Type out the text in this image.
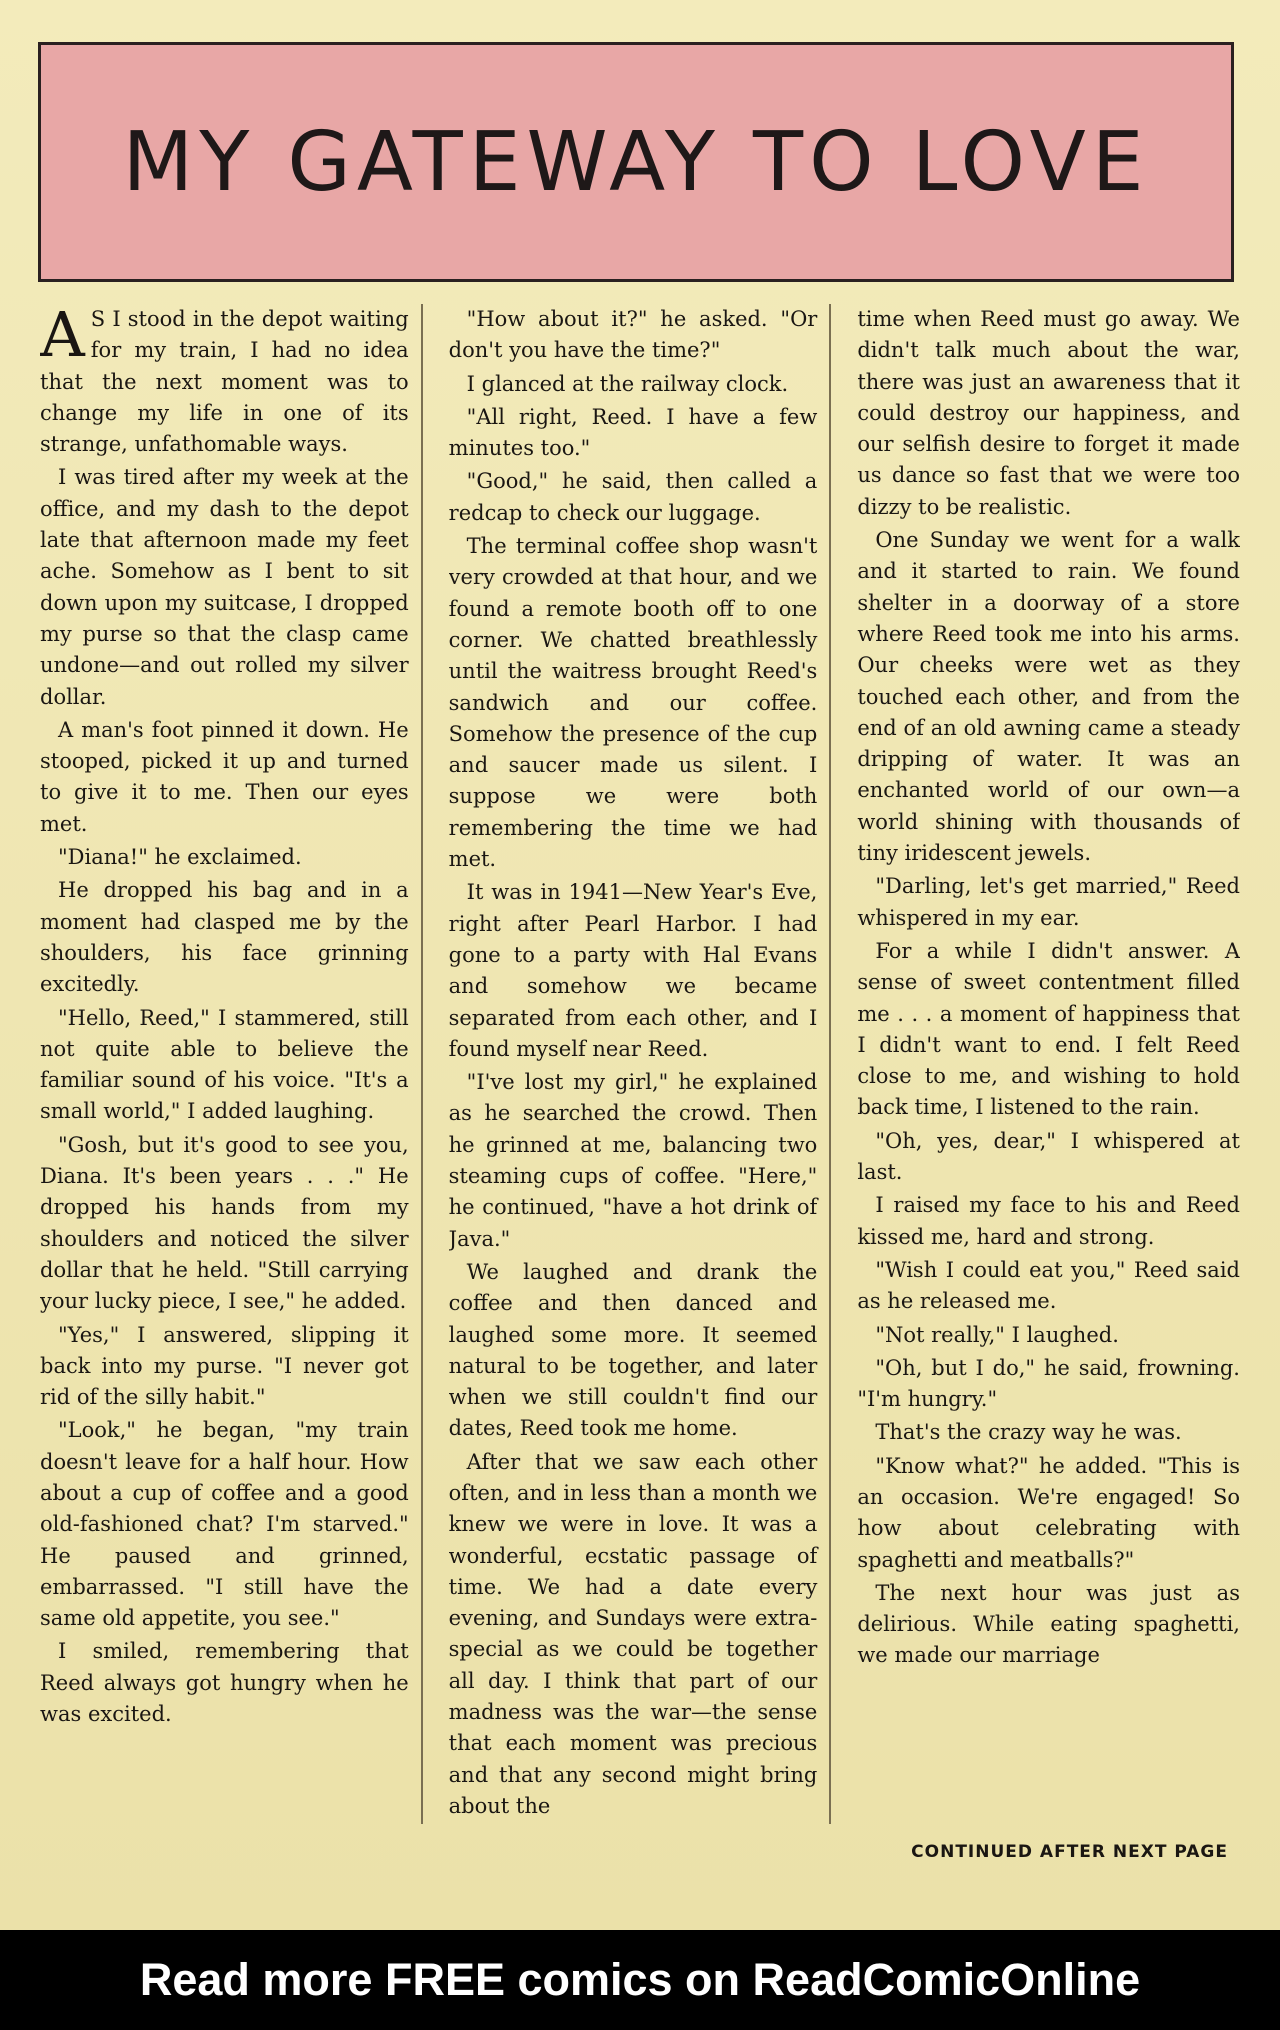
MY GATEWAY TO LOVE

A S I stood in the depot waiting for my train, I had no idea that the next moment was to change my life in one of its strange, unfathomable ways.

I was tired after my week at the office, and my dash to the depot late that afternoon made my feet ache. Somehow as I bent to sit down upon my suitcase, I dropped my purse so that the clasp came undone—and out rolled my silver dollar.

A man's foot pinned it down. He stooped, picked it up and turned to give it to me. Then our eyes met.

"Diana!" he exclaimed.

He dropped his bag and in a moment had clasped me by the shoulders, his face grinning excitedly.

"Hello, Reed," I stammered, still not quite able to believe the familiar sound of his voice. "It's a small world," I added laughing.

"Gosh, but it's good to see you, Diana. It's been years . . ." He dropped his hands from my shoulders and noticed the silver dollar that he held. "Still carrying your lucky piece, I see," he added.

"Yes," I answered, slipping it back into my purse. "I never got rid of the silly habit."

"Look," he began, "my train doesn't leave for a half hour. How about a cup of coffee and a good old-fashioned chat? I'm starved." He paused and grinned, embarrassed. "I still have the same old appetite, you see."

I smiled, remembering that Reed always got hungry when he was excited.

"How about it?" he asked. "Or don't you have the time?"

I glanced at the railway clock.

"All right, Reed. I have a few minutes too."

"Good," he said, then called a redcap to check our luggage.

The terminal coffee shop wasn't very crowded at that hour, and we found a remote booth off to one corner. We chatted breathlessly until the waitress brought Reed's sandwich and our coffee. Somehow the presence of the cup and saucer made us silent. I suppose we were both remembering the time we had met.

It was in 1941—New Year's Eve, right after Pearl Harbor. I had gone to a party with Hal Evans and somehow we became separated from each other, and I found myself near Reed.

"I've lost my girl," he explained as he searched the crowd. Then he grinned at me, balancing two steaming cups of coffee. "Here," he continued, "have a hot drink of Java."

We laughed and drank the coffee and then danced and laughed some more. It seemed natural to be together, and later when we still couldn't find our dates, Reed took me home.

After that we saw each other often, and in less than a month we knew we were in love. It was a wonderful, ecstatic passage of time. We had a date every evening, and Sundays were extra-special as we could be together all day. I think that part of our madness was the war—the sense that each moment was precious and that any second might bring about the

time when Reed must go away. We didn't talk much about the war, there was just an awareness that it could destroy our happiness, and our selfish desire to forget it made us dance so fast that we were too dizzy to be realistic.

One Sunday we went for a walk and it started to rain. We found shelter in a doorway of a store where Reed took me into his arms. Our cheeks were wet as they touched each other, and from the end of an old awning came a steady dripping of water. It was an enchanted world of our own—a world shining with thousands of tiny iridescent jewels.

"Darling, let's get married," Reed whispered in my ear.

For a while I didn't answer. A sense of sweet contentment filled me . . . a moment of happiness that I didn't want to end. I felt Reed close to me, and wishing to hold back time, I listened to the rain.

"Oh, yes, dear," I whispered at last.

I raised my face to his and Reed kissed me, hard and strong.

"Wish I could eat you," Reed said as he released me.

"Not really," I laughed.

"Oh, but I do," he said, frowning. "I'm hungry."

That's the crazy way he was.

"Know what?" he added. "This is an occasion. We're engaged! So how about celebrating with spaghetti and meatballs?"

The next hour was just as delirious. While eating spaghetti, we made our marriage

CONTINUED AFTER NEXT PAGE
Read more FREE comics on ReadComicOnline
